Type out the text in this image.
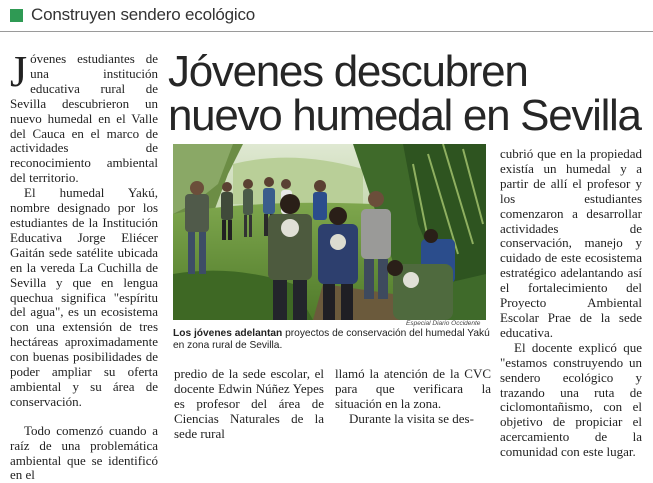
Construyen sendero ecológico
Jóvenes descubren
nuevo humedal en Sevilla

Jóvenes estudiantes de una institución educativa rural de Sevilla descubrieron un nuevo humedal en el Valle del Cauca en el marco de actividades de reconocimiento ambiental del territorio.

El humedal Yakú, nombre designado por los estudiantes de la Institución Educativa Jorge Eliécer Gaitán sede satélite ubicada en la vereda La Cuchilla de Sevilla y que en lengua quechua significa "espíritu del agua", es un ecosistema con una extensión de tres hectáreas aproximadamente con buenas posibilidades de poder ampliar su oferta ambiental y su área de conservación.

Todo comenzó cuando a raíz de una problemática ambiental que se identificó en el

Especial Diario Occidente
Los jóvenes adelantan proyectos de conservación del humedal Yakú en zona rural de Sevilla.

predio de la sede escolar, el docente Edwin Núñez Yepes es profesor del área de Ciencias Naturales de la sede rural

llamó la atención de la CVC para que verificara la situación en la zona.

Durante la visita se des-

cubrió que en la propiedad existía un humedal y a partir de allí el profesor y los estudiantes comenzaron a desarrollar actividades de conservación, manejo y cuidado de este ecosistema estratégico adelantando así el fortalecimiento del Proyecto Ambiental Escolar Prae de la sede educativa.

El docente explicó que "estamos construyendo un sendero ecológico y trazando una ruta de ciclomontañismo, con el objetivo de propiciar el acercamiento de la comunidad con este lugar.
